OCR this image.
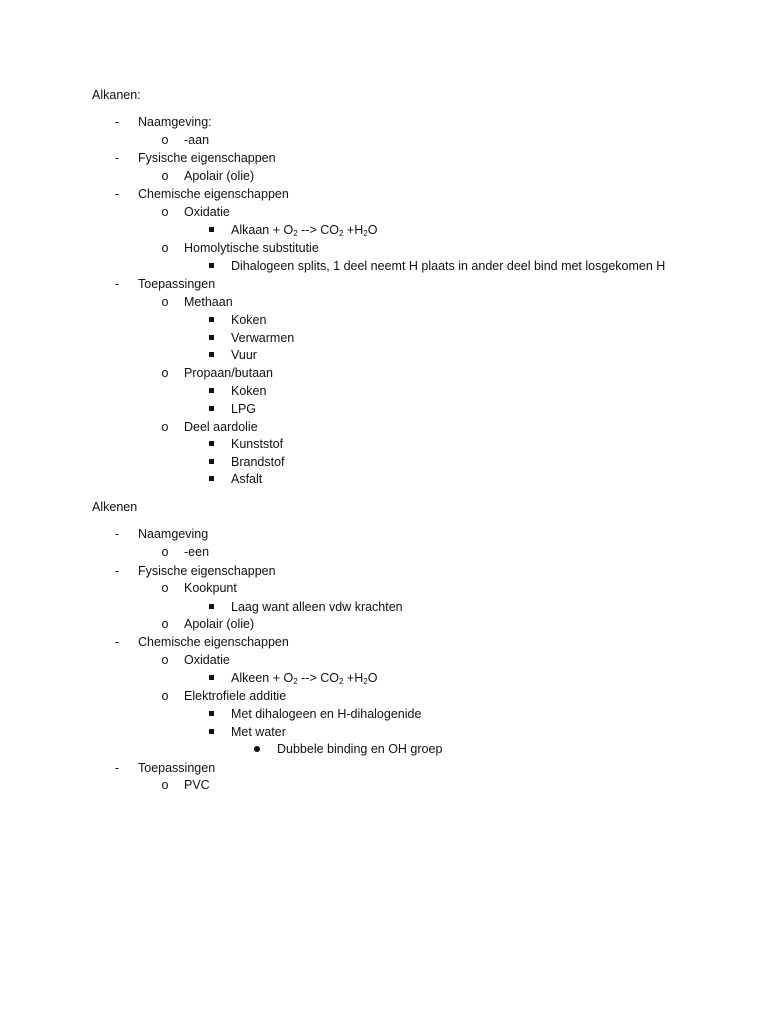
Alkanen:
- Naamgeving:
o -aan
- Fysische eigenschappen
o Apolair (olie)
- Chemische eigenschappen
o Oxidatie
Alkaan + $O_2$ --> $CO_2 +H_2O$
o Homolytische substitutie
Dihalogeen splits, 1 deel neemt H plaats in ander deel bind met losgekomen H
- Toepassingen
o Methaan
Koken
Verwarmen
Vuur
o Propaan/butaan
Koken
LPG
o Deel aardolie
Kunststof
Brandstof
Asfalt
Alkenen
- Naamgeving
o -een
- Fysische eigenschappen
o Kookpunt
Laag want alleen vdw krachten
o Apolair (olie)
- Chemische eigenschappen
o Oxidatie
Alkeen + $O_2$ --> $CO_2 +H_2O$
o Elektrofiele additie
Met dihalogeen en H-dihalogenide
Met water
Dubbele binding en OH groep
- Toepassingen
o PVC
